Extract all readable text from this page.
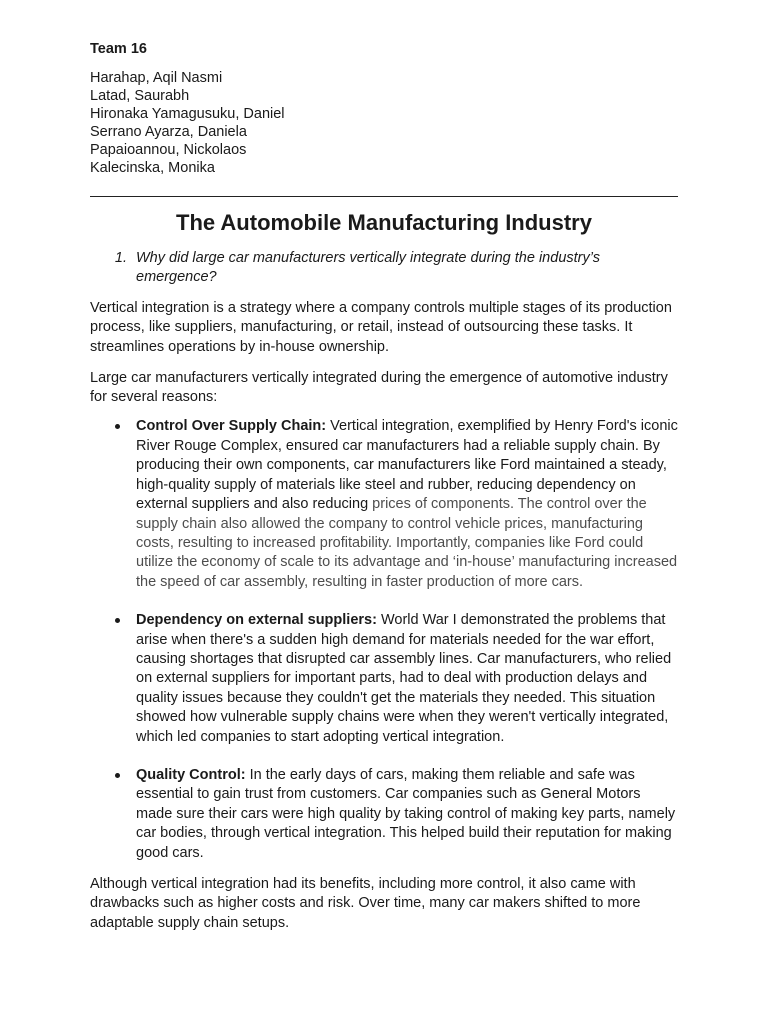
Team 16
Harahap, Aqil Nasmi
Latad, Saurabh
Hironaka Yamagusuku, Daniel
Serrano Ayarza, Daniela
Papaioannou, Nickolaos
Kalecinska, Monika
The Automobile Manufacturing Industry
1. Why did large car manufacturers vertically integrate during the industry’s emergence?

Vertical integration is a strategy where a company controls multiple stages of its production process, like suppliers, manufacturing, or retail, instead of outsourcing these tasks. It streamlines operations by in-house ownership.

Large car manufacturers vertically integrated during the emergence of automotive industry for several reasons:

Control Over Supply Chain: Vertical integration, exemplified by Henry Ford's iconic River Rouge Complex, ensured car manufacturers had a reliable supply chain. By producing their own components, car manufacturers like Ford maintained a steady, high-quality supply of materials like steel and rubber, reducing dependency on external suppliers and also reducing prices of components. The control over the supply chain also allowed the company to control vehicle prices, manufacturing costs, resulting to increased profitability. Importantly, companies like Ford could utilize the economy of scale to its advantage and ‘in-house’ manufacturing increased the speed of car assembly, resulting in faster production of more cars.
Dependency on external suppliers: World War I demonstrated the problems that arise when there's a sudden high demand for materials needed for the war effort, causing shortages that disrupted car assembly lines. Car manufacturers, who relied on external suppliers for important parts, had to deal with production delays and quality issues because they couldn't get the materials they needed. This situation showed how vulnerable supply chains were when they weren't vertically integrated, which led companies to start adopting vertical integration.
Quality Control: In the early days of cars, making them reliable and safe was essential to gain trust from customers. Car companies such as General Motors made sure their cars were high quality by taking control of making key parts, namely car bodies, through vertical integration. This helped build their reputation for making good cars.

Although vertical integration had its benefits, including more control, it also came with drawbacks such as higher costs and risk. Over time, many car makers shifted to more adaptable supply chain setups.
